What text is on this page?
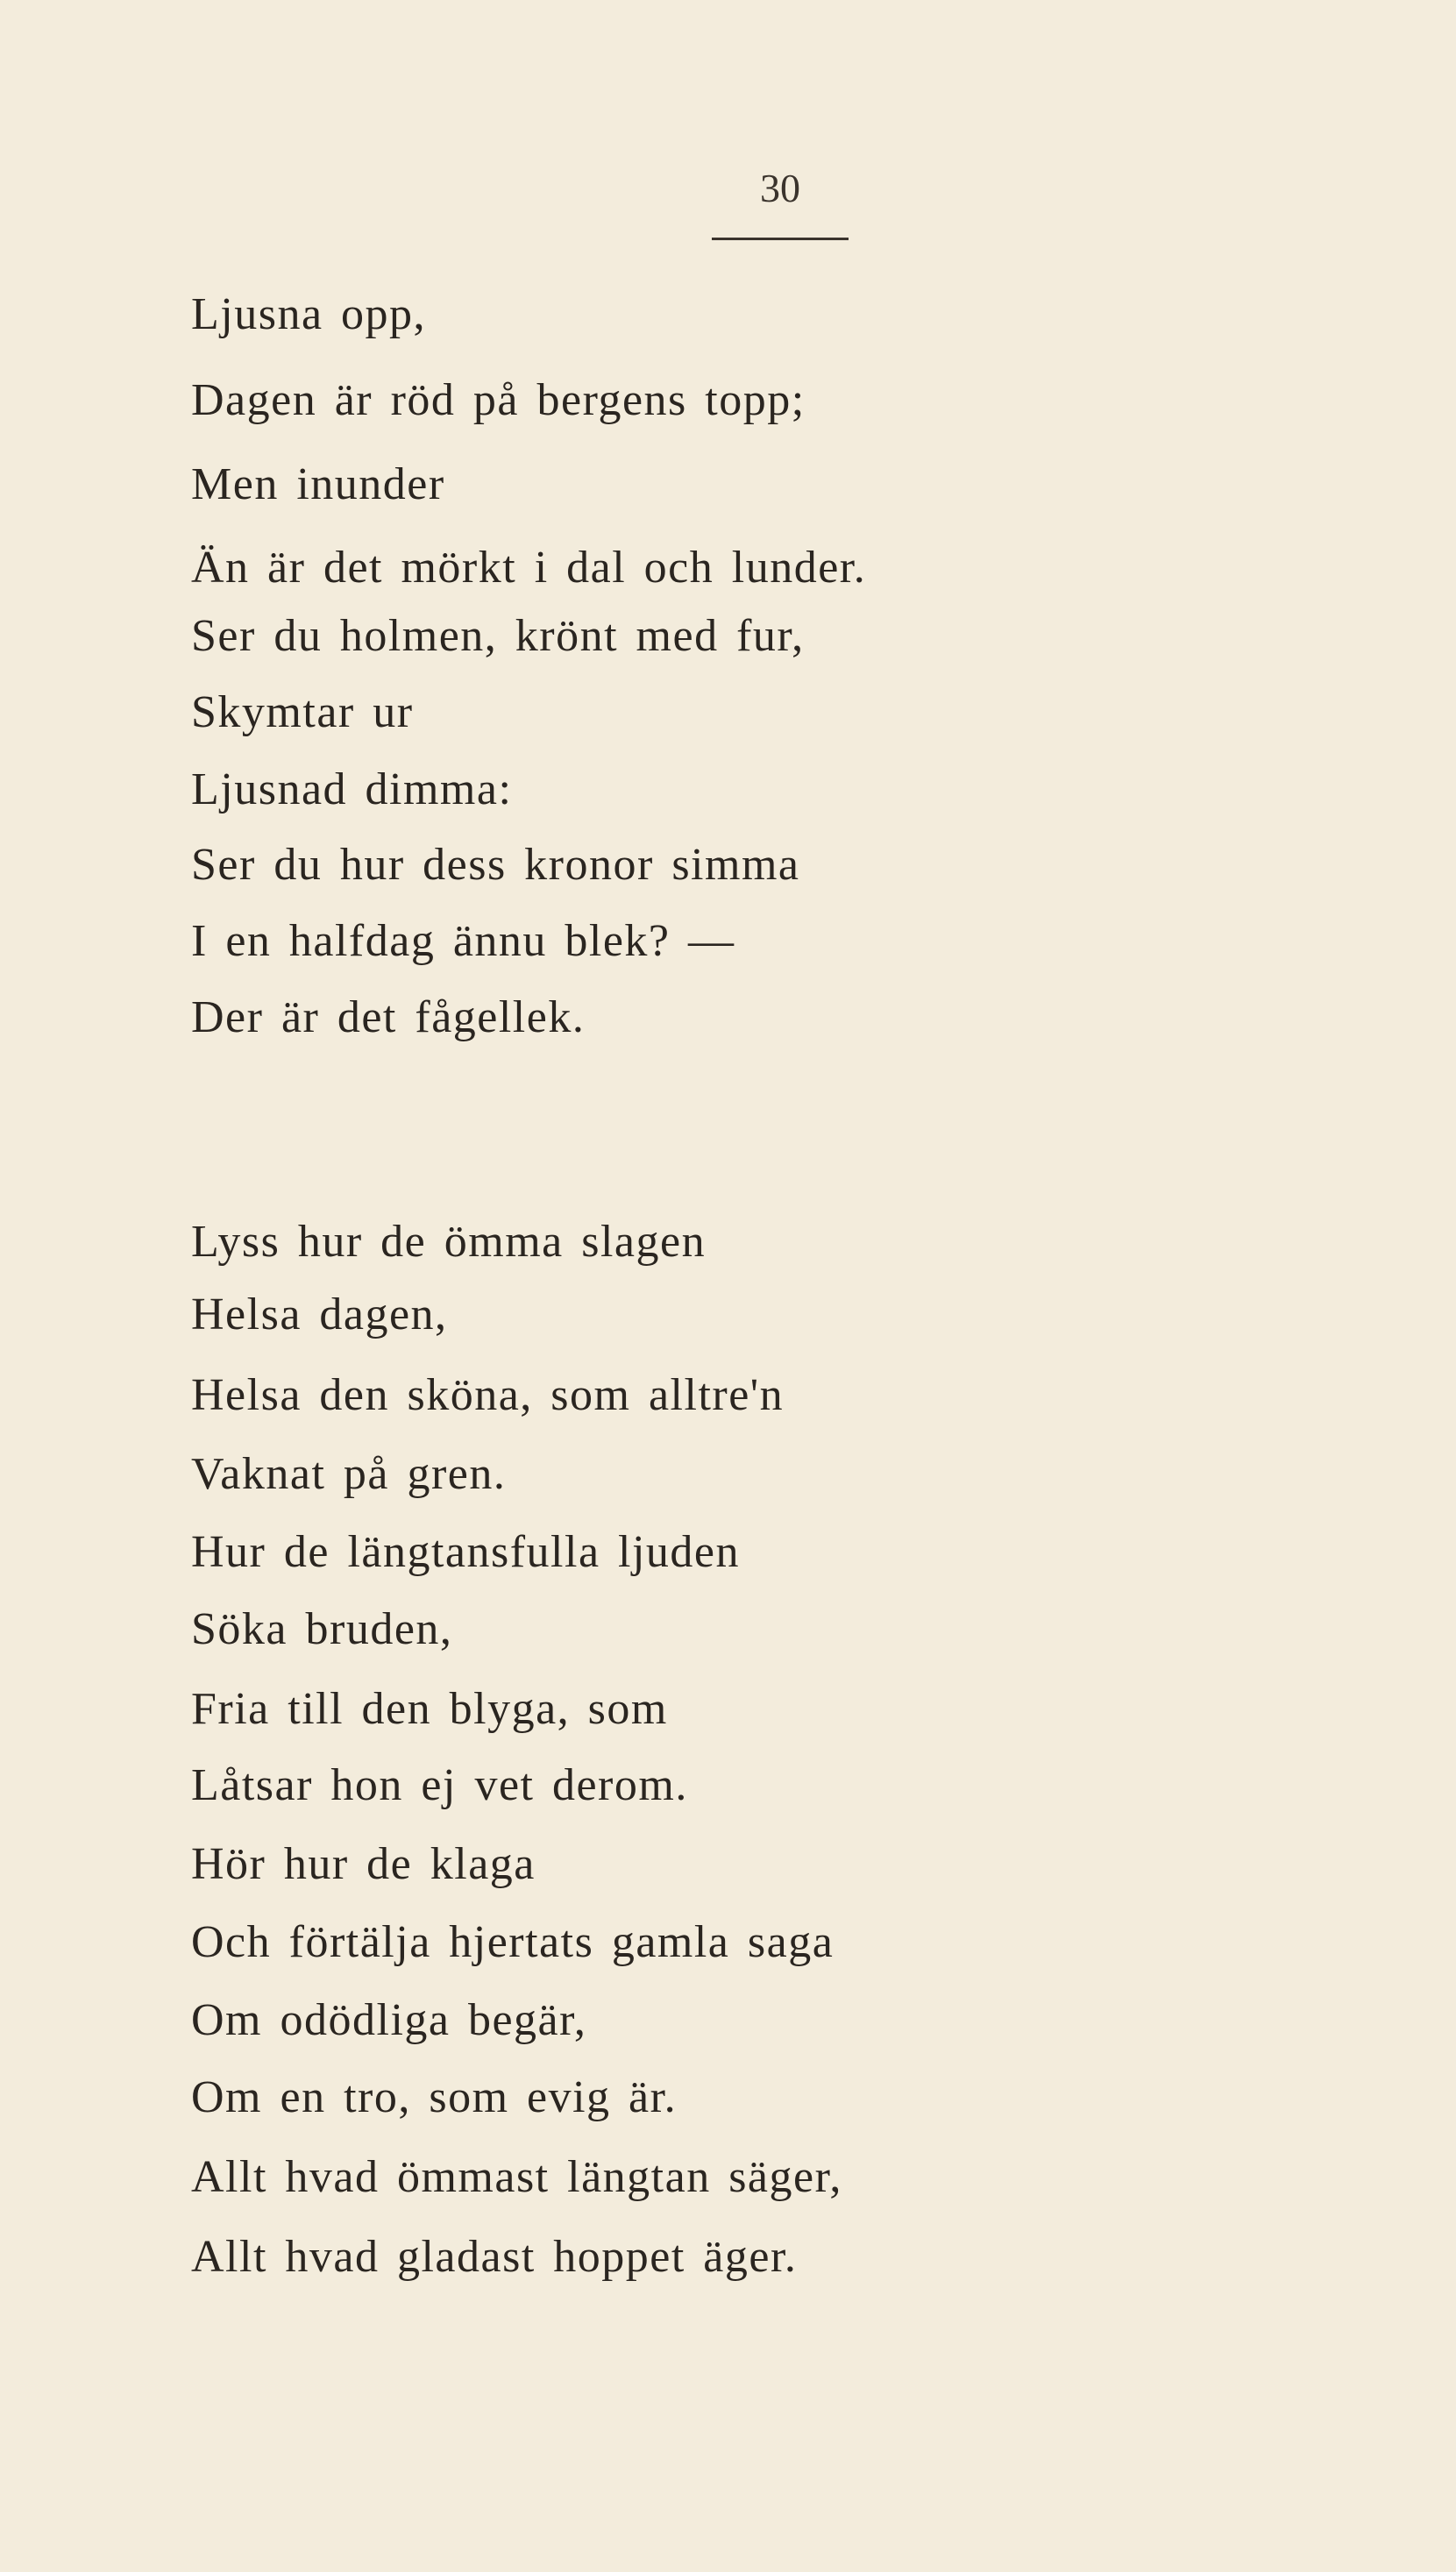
30
Ljusna opp,
Dagen är röd på bergens topp;
Men inunder
Än är det mörkt i dal och lunder.
Ser du holmen, krönt med fur,
Skymtar ur
Ljusnad dimma:
Ser du hur dess kronor simma
I en halfdag ännu blek? —
Der är det fågellek.
Lyss hur de ömma slagen
Helsa dagen,
Helsa den sköna, som alltre'n
Vaknat på gren.
Hur de längtansfulla ljuden
Söka bruden,
Fria till den blyga, som
Låtsar hon ej vet derom.
Hör hur de klaga
Och förtälja hjertats gamla saga
Om odödliga begär,
Om en tro, som evig är.
Allt hvad ömmast längtan säger,
Allt hvad gladast hoppet äger.
